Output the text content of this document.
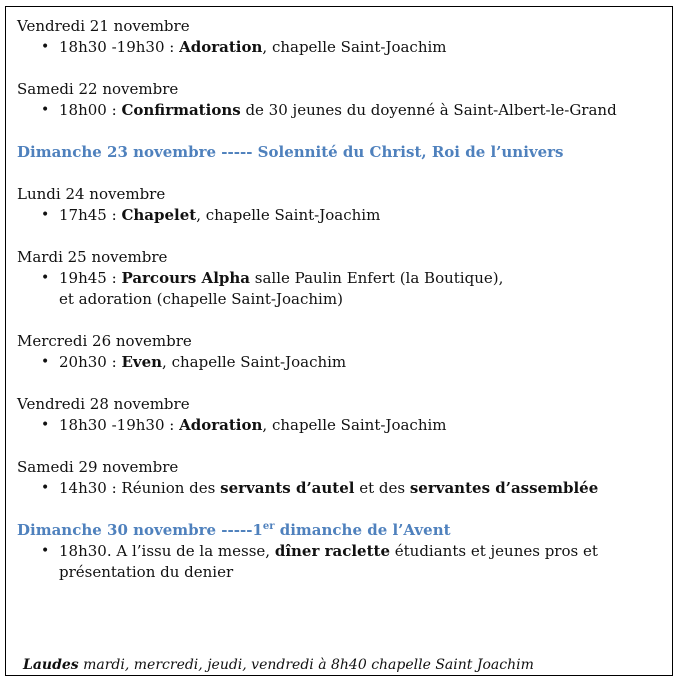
Vendredi 21 novembre

• 18h30 -19h30 : Adoration, chapelle Saint-Joachim

Samedi 22 novembre

• 18h00 : Confirmations de 30 jeunes du doyenné à Saint-Albert-le-Grand

Dimanche 23 novembre ----- Solennité du Christ, Roi de l’univers

Lundi 24 novembre

• 17h45 : Chapelet, chapelle Saint-Joachim

Mardi 25 novembre

• 19h45 : Parcours Alpha salle Paulin Enfert (la Boutique),
et adoration (chapelle Saint-Joachim)

Mercredi 26 novembre

• 20h30 : Even, chapelle Saint-Joachim

Vendredi 28 novembre

• 18h30 -19h30 : Adoration, chapelle Saint-Joachim

Samedi 29 novembre

• 14h30 : Réunion des servants d’autel et des servantes d’assemblée

Dimanche 30 novembre -----1er dimanche de l’Avent

• 18h30. A l’issu de la messe, dîner raclette étudiants et jeunes pros et présentation du denier

Laudes mardi, mercredi, jeudi, vendredi à 8h40 chapelle Saint Joachim
